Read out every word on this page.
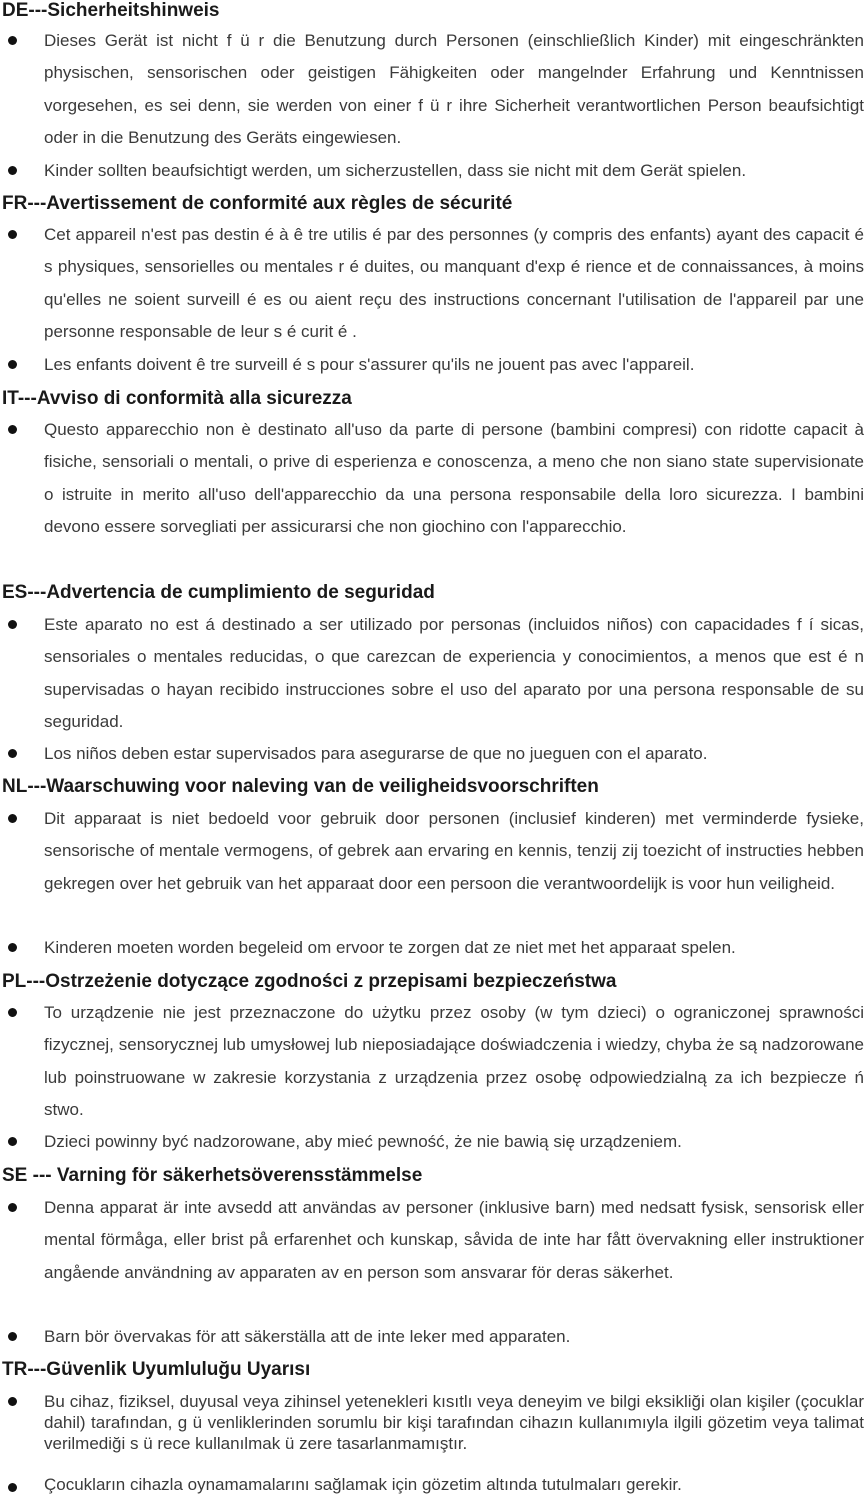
DE---Sicherheitshinweis
Dieses Gerät ist nicht f ü r die Benutzung durch Personen (einschließlich Kinder) mit eingeschränkten physischen, sensorischen oder geistigen Fähigkeiten oder mangelnder Erfahrung und Kenntnissen vorgesehen, es sei denn, sie werden von einer f ü r ihre Sicherheit verantwortlichen Person beaufsichtigt oder in die Benutzung des Geräts eingewiesen.
Kinder sollten beaufsichtigt werden, um sicherzustellen, dass sie nicht mit dem Gerät spielen.
FR---Avertissement de conformité aux règles de sécurité
Cet appareil n'est pas destin é à ê tre utilis é par des personnes (y compris des enfants) ayant des capacit é s physiques, sensorielles ou mentales r é duites, ou manquant d'exp é rience et de connaissances, à moins qu'elles ne soient surveill é es ou aient reçu des instructions concernant l'utilisation de l'appareil par une personne responsable de leur s é curit é .
Les enfants doivent ê tre surveill é s pour s'assurer qu'ils ne jouent pas avec l'appareil.
IT---Avviso di conformità alla sicurezza
Questo apparecchio non è destinato all'uso da parte di persone (bambini compresi) con ridotte capacit à fisiche, sensoriali o mentali, o prive di esperienza e conoscenza, a meno che non siano state supervisionate o istruite in merito all'uso dell'apparecchio da una persona responsabile della loro sicurezza. I bambini devono essere sorvegliati per assicurarsi che non giochino con l'apparecchio.
ES---Advertencia de cumplimiento de seguridad
Este aparato no est á destinado a ser utilizado por personas (incluidos niños) con capacidades f í sicas, sensoriales o mentales reducidas, o que carezcan de experiencia y conocimientos, a menos que est é n supervisadas o hayan recibido instrucciones sobre el uso del aparato por una persona responsable de su seguridad.
Los niños deben estar supervisados para asegurarse de que no jueguen con el aparato.
NL---Waarschuwing voor naleving van de veiligheidsvoorschriften
Dit apparaat is niet bedoeld voor gebruik door personen (inclusief kinderen) met verminderde fysieke, sensorische of mentale vermogens, of gebrek aan ervaring en kennis, tenzij zij toezicht of instructies hebben gekregen over het gebruik van het apparaat door een persoon die verantwoordelijk is voor hun veiligheid.
Kinderen moeten worden begeleid om ervoor te zorgen dat ze niet met het apparaat spelen.
PL---Ostrzeżenie dotyczące zgodności z przepisami bezpieczeństwa
To urządzenie nie jest przeznaczone do użytku przez osoby (w tym dzieci) o ograniczonej sprawności fizycznej, sensorycznej lub umysłowej lub nieposiadające doświadczenia i wiedzy, chyba że są nadzorowane lub poinstruowane w zakresie korzystania z urządzenia przez osobę odpowiedzialną za ich bezpiecze ń stwo.
Dzieci powinny być nadzorowane, aby mieć pewność, że nie bawią się urządzeniem.
SE --- Varning för säkerhetsöverensstämmelse
Denna apparat är inte avsedd att användas av personer (inklusive barn) med nedsatt fysisk, sensorisk eller mental förmåga, eller brist på erfarenhet och kunskap, såvida de inte har fått övervakning eller instruktioner angående användning av apparaten av en person som ansvarar för deras säkerhet.
Barn bör övervakas för att säkerställa att de inte leker med apparaten.
TR---Güvenlik Uyumluluğu Uyarısı
Bu cihaz, fiziksel, duyusal veya zihinsel yetenekleri kısıtlı veya deneyim ve bilgi eksikliği olan kişiler (çocuklar dahil) tarafından, g ü venliklerinden sorumlu bir kişi tarafından cihazın kullanımıyla ilgili gözetim veya talimat verilmediği s ü rece kullanılmak ü zere tasarlanmamıştır.
Çocukların cihazla oynamamalarını sağlamak için gözetim altında tutulmaları gerekir.
